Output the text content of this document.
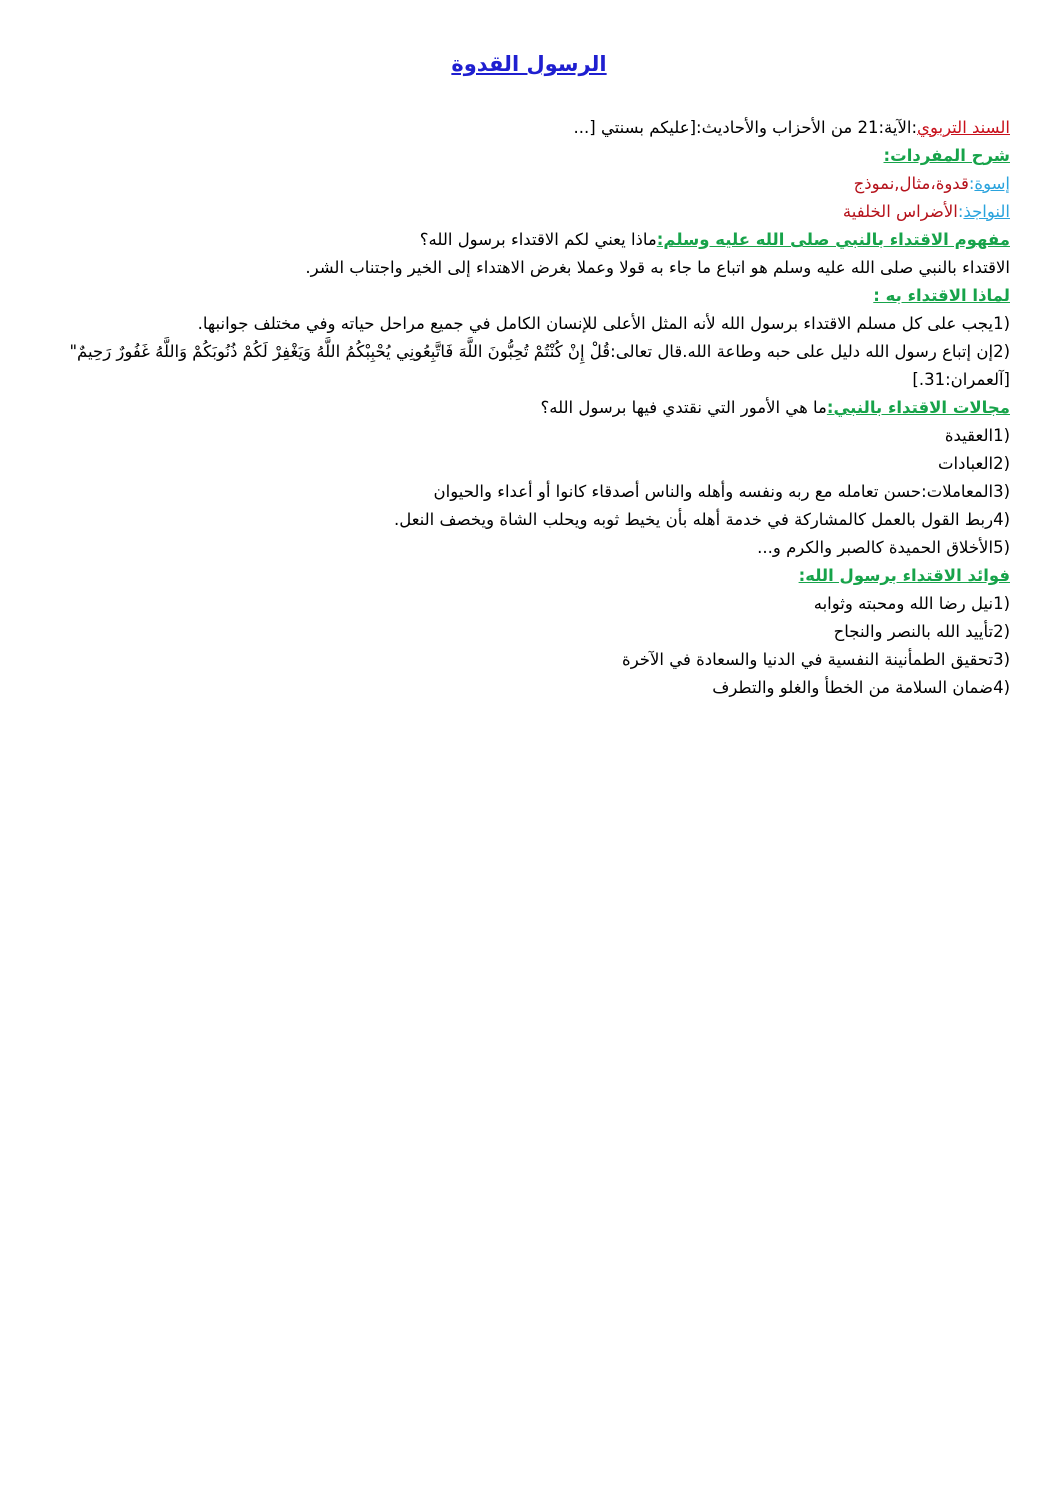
الرسول القدوة
السند التربوي:الآية:21 من الأحزاب والأحاديث:[عليكم بسنتي [...
شرح المفردات:
إسوة:قدوة،مثال,نموذج
النواجذ:الأضراس الخلفية
مفهوم الاقتداء بالنبي صلى الله عليه وسلم:ماذا يعني لكم الاقتداء برسول الله؟
الاقتداء بالنبي صلى الله عليه وسلم هو اتباع ما جاء به قولا وعملا بغرض الاهتداء إلى الخير واجتناب الشر.
لماذا الاقتداء به :
(1يجب على كل مسلم الاقتداء برسول الله لأنه المثل الأعلى للإنسان الكامل في جميع مراحل حياته وفي مختلف جوانبها.
(2إن إتباع رسول الله دليل على حبه وطاعة الله.قال تعالى:قُلْ إِنْ كُنْتُمْ تُحِبُّونَ اللَّهَ فَاتَّبِعُونِي يُحْبِبْكُمُ اللَّهُ وَيَغْفِرْ لَكُمْ ذُنُوبَكُمْ وَاللَّهُ غَفُورٌ رَحِيمٌ"[آلعمران:31.]
مجالات الاقتداء بالنبي:ما هي الأمور التي نقتدي فيها برسول الله؟
(1العقيدة
(2العبادات
(3المعاملات:حسن تعامله مع ربه ونفسه وأهله والناس أصدقاء كانوا أو أعداء والحيوان
(4ربط القول بالعمل كالمشاركة في خدمة أهله بأن يخيط ثوبه ويحلب الشاة ويخصف النعل.
(5الأخلاق الحميدة كالصبر والكرم و...
فوائد الاقتداء برسول الله:
(1نيل رضا الله ومحبته وثوابه
(2تأييد الله بالنصر والنجاح
(3تحقيق الطمأنينة النفسية في الدنيا والسعادة في الآخرة
(4ضمان السلامة من الخطأ والغلو والتطرف
